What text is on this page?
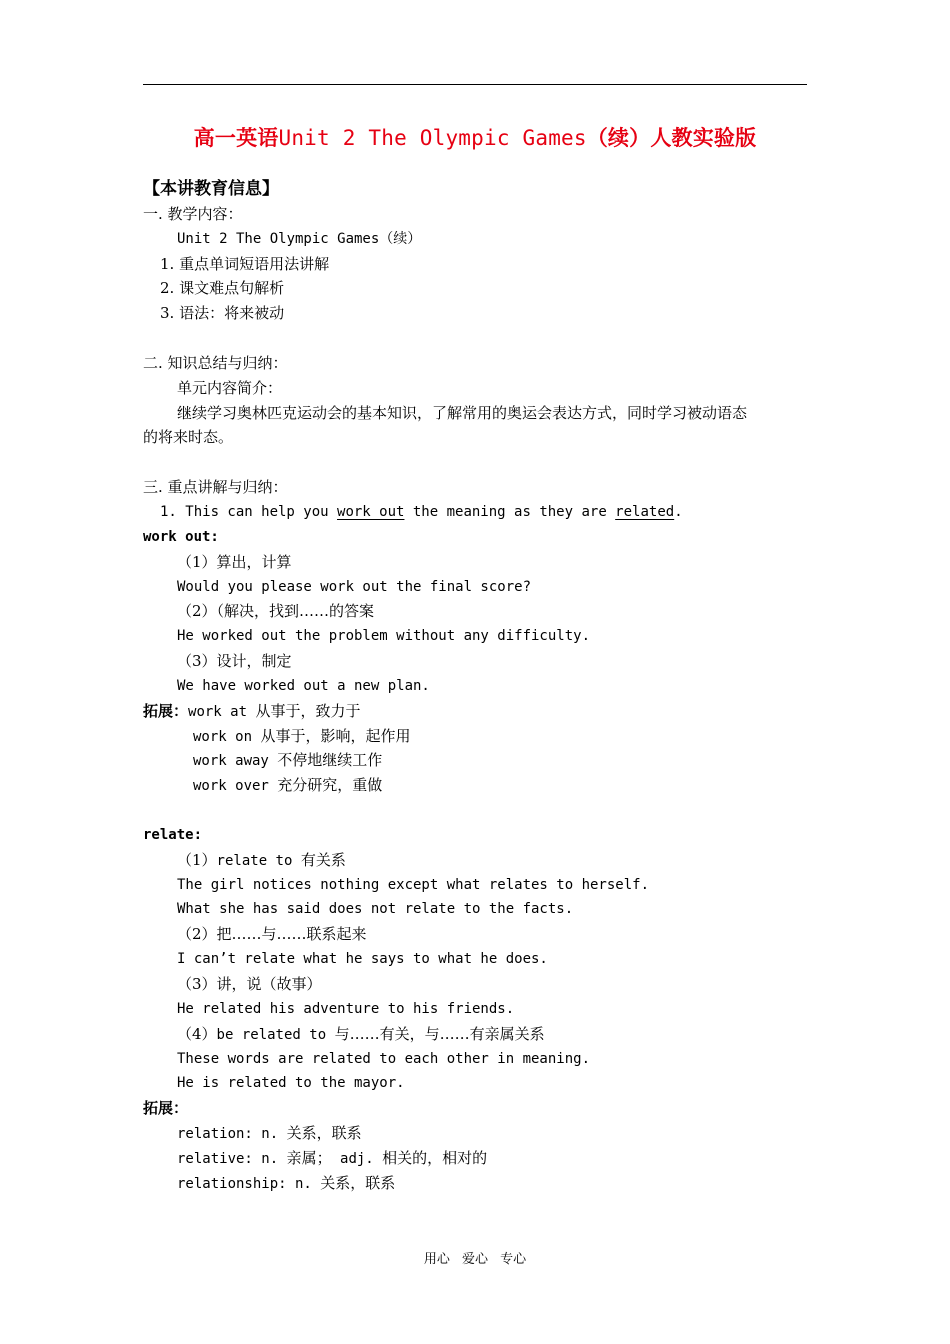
高一英语Unit 2 The Olympic Games（续）人教实验版
【本讲教育信息】
一. 教学内容：
Unit 2 The Olympic Games（续）
1. 重点单词短语用法讲解
2. 课文难点句解析
3. 语法：将来被动
二. 知识总结与归纳：
单元内容简介：
继续学习奥林匹克运动会的基本知识，了解常用的奥运会表达方式，同时学习被动语态
的将来时态。
三. 重点讲解与归纳：
1. This can help you work out the meaning as they are related.
work out:
（1）算出，计算
Would you please work out the final score?
（2）（解决，找到……的答案
He worked out the problem without any difficulty.
（3）设计，制定
We have worked out a new plan.
拓展：work at 从事于，致力于
work on 从事于，影响，起作用
work away 不停地继续工作
work over 充分研究，重做
relate:
（1）relate to 有关系
The girl notices nothing except what relates to herself.
What she has said does not relate to the facts.
（2）把……与……联系起来
I can’t relate what he says to what he does.
（3）讲，说（故事）
He related his adventure to his friends.
（4）be related to 与……有关，与……有亲属关系
These words are related to each other in meaning.
He is related to the mayor.
拓展：
relation: n. 关系，联系
relative: n. 亲属； adj. 相关的，相对的
relationship: n. 关系，联系
用心 爱心 专心
